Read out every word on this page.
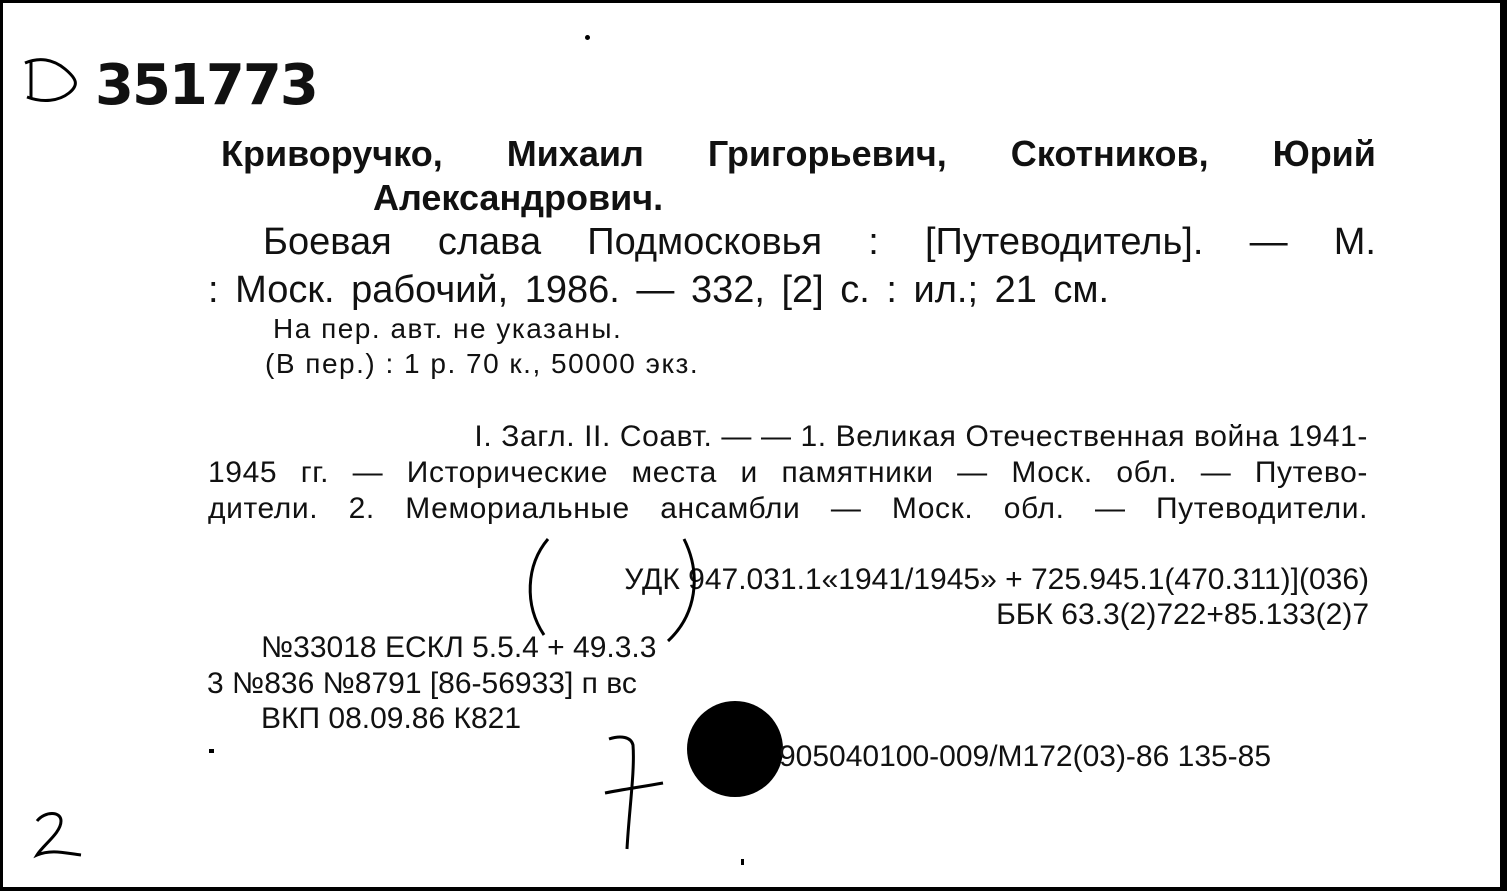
351773
Криворучко, Михаил Григорьевич, Скотников, Юрий
Александрович.
Боевая слава Подмосковья : [Путеводитель]. — М.
: Моск. рабочий, 1986. — 332, [2] с. : ил.; 21 см.
На пер. авт. не указаны.
(В пер.) : 1 р. 70 к., 50000 экз.
I. Загл. II. Соавт. — — 1. Великая Отечественная война 1941-
1945 гг. — Исторические места и памятники — Моск. обл. — Путево-
дители. 2. Мемориальные ансамбли — Моск. обл. — Путеводители.
УДК 947.031.1«1941/1945» + 725.945.1(470.311)](036)
ББК 63.3(2)722+85.133(2)7
№33018 ЕСКЛ 5.5.4 + 49.3.3
3 №836 №8791 [86-56933] п вс
ВКП 08.09.86 К821
905040100-009/М172(03)-86 135-85
